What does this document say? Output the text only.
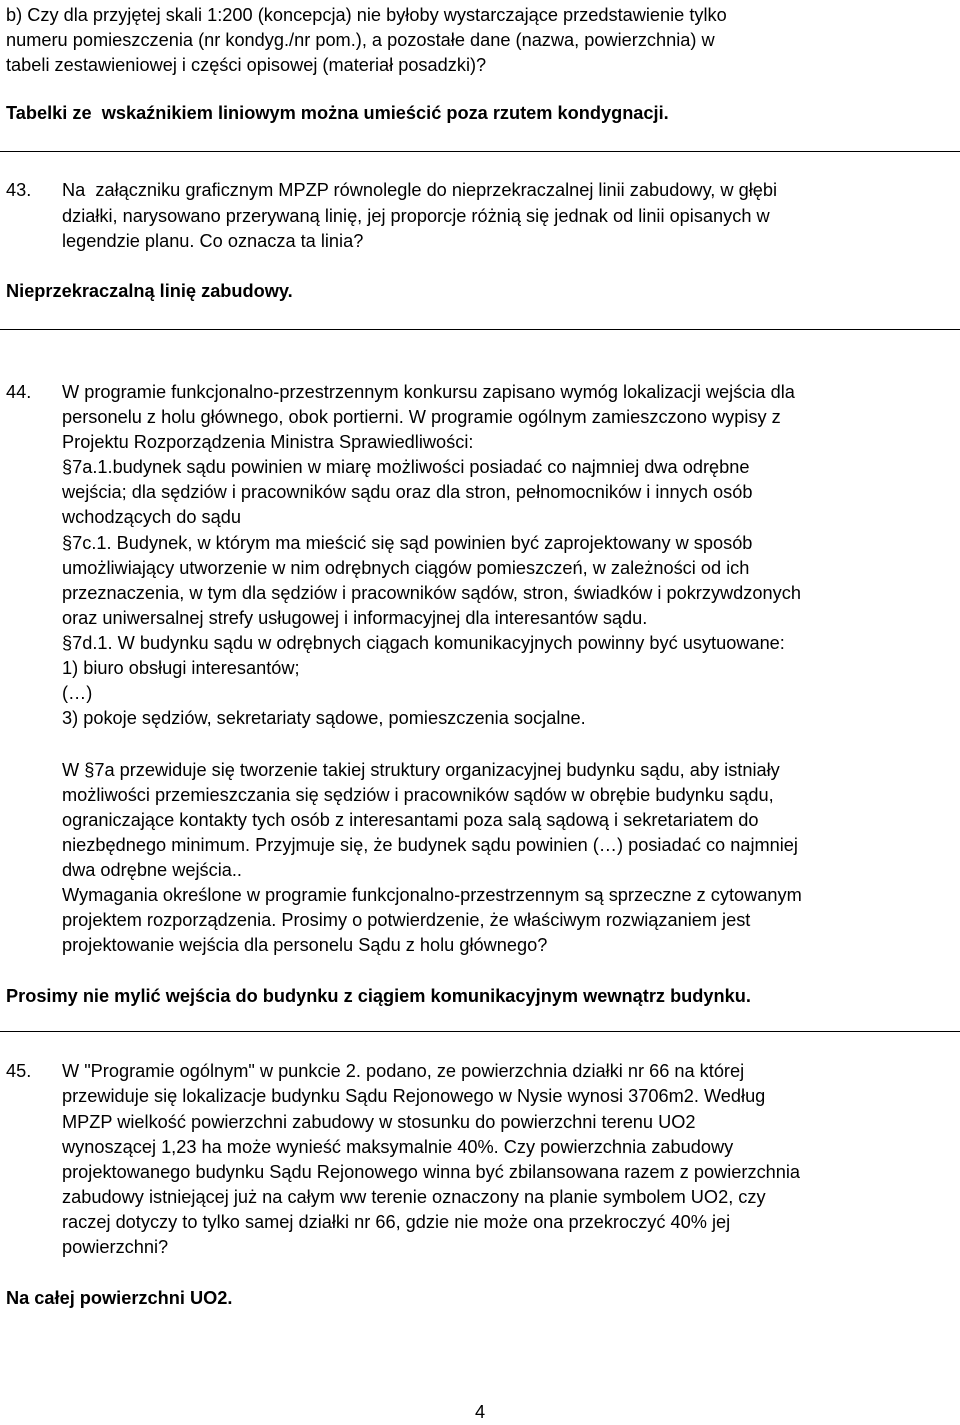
b) Czy dla przyjętej skali 1:200 (koncepcja) nie byłoby wystarczające przedstawienie tylko

numeru pomieszczenia (nr kondyg./nr pom.), a pozostałe dane (nazwa, powierzchnia) w

tabeli zestawieniowej i części opisowej (materiał posadzki)?

Tabelki ze  wskaźnikiem liniowym można umieścić poza rzutem kondygnacji.

43. Na  załączniku graficznym MPZP równolegle do nieprzekraczalnej linii zabudowy, w głębi

działki, narysowano przerywaną linię, jej proporcje różnią się jednak od linii opisanych w

legendzie planu. Co oznacza ta linia?

Nieprzekraczalną linię zabudowy.

44. W programie funkcjonalno-przestrzennym konkursu zapisano wymóg lokalizacji wejścia dla

personelu z holu głównego, obok portierni. W programie ogólnym zamieszczono wypisy z

Projektu Rozporządzenia Ministra Sprawiedliwości:

§7a.1.budynek sądu powinien w miarę możliwości posiadać co najmniej dwa odrębne

wejścia; dla sędziów i pracowników sądu oraz dla stron, pełnomocników i innych osób

wchodzących do sądu

§7c.1. Budynek, w którym ma mieścić się sąd powinien być zaprojektowany w sposób

umożliwiający utworzenie w nim odrębnych ciągów pomieszczeń, w zależności od ich

przeznaczenia, w tym dla sędziów i pracowników sądów, stron, świadków i pokrzywdzonych

oraz uniwersalnej strefy usługowej i informacyjnej dla interesantów sądu.

§7d.1. W budynku sądu w odrębnych ciągach komunikacyjnych powinny być usytuowane:

1) biuro obsługi interesantów;

(…)

3) pokoje sędziów, sekretariaty sądowe, pomieszczenia socjalne.

W §7a przewiduje się tworzenie takiej struktury organizacyjnej budynku sądu, aby istniały

możliwości przemieszczania się sędziów i pracowników sądów w obrębie budynku sądu,

ograniczające kontakty tych osób z interesantami poza salą sądową i sekretariatem do

niezbędnego minimum. Przyjmuje się, że budynek sądu powinien (…) posiadać co najmniej

dwa odrębne wejścia..

Wymagania określone w programie funkcjonalno-przestrzennym są sprzeczne z cytowanym

projektem rozporządzenia. Prosimy o potwierdzenie, że właściwym rozwiązaniem jest

projektowanie wejścia dla personelu Sądu z holu głównego?

Prosimy nie mylić wejścia do budynku z ciągiem komunikacyjnym wewnątrz budynku.

45. W "Programie ogólnym" w punkcie 2. podano, ze powierzchnia działki nr 66 na której

przewiduje się lokalizacje budynku Sądu Rejonowego w Nysie wynosi 3706m2. Według

MPZP wielkość powierzchni zabudowy w stosunku do powierzchni terenu UO2

wynoszącej 1,23 ha może wynieść maksymalnie 40%. Czy powierzchnia zabudowy

projektowanego budynku Sądu Rejonowego winna być zbilansowana razem z powierzchnia

zabudowy istniejącej już na całym ww terenie oznaczony na planie symbolem UO2, czy

raczej dotyczy to tylko samej działki nr 66, gdzie nie może ona przekroczyć 40% jej

powierzchni?

Na całej powierzchni UO2.

4
